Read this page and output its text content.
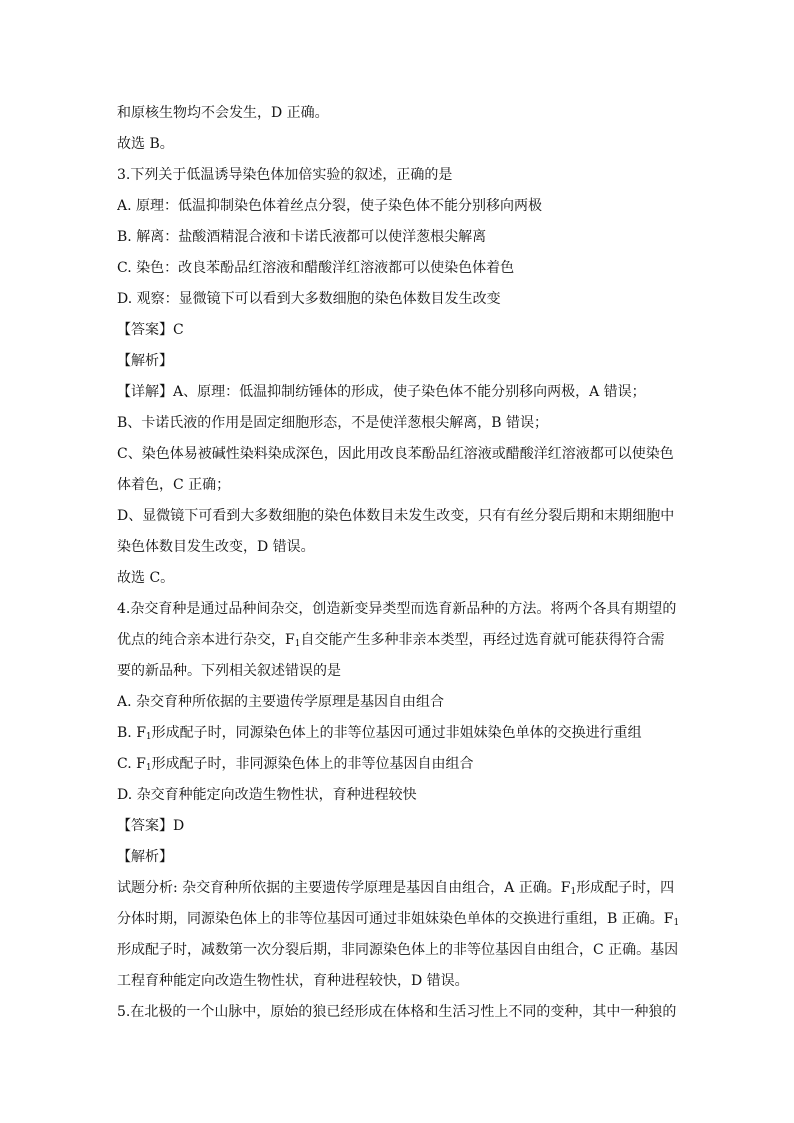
和原核生物均不会发生，D 正确。
故选 B。
3.下列关于低温诱导染色体加倍实验的叙述，正确的是
A. 原理：低温抑制染色体着丝点分裂，使子染色体不能分别移向两极
B. 解离：盐酸酒精混合液和卡诺氏液都可以使洋葱根尖解离
C. 染色：改良苯酚品红溶液和醋酸洋红溶液都可以使染色体着色
D. 观察：显微镜下可以看到大多数细胞的染色体数目发生改变
【答案】C
【解析】
【详解】A、原理：低温抑制纺锤体的形成，使子染色体不能分别移向两极，A 错误；
B、卡诺氏液的作用是固定细胞形态，不是使洋葱根尖解离，B 错误；
C、染色体易被碱性染料染成深色，因此用改良苯酚品红溶液或醋酸洋红溶液都可以使染色
体着色，C 正确；
D、显微镜下可看到大多数细胞的染色体数目未发生改变，只有有丝分裂后期和末期细胞中
染色体数目发生改变，D 错误。
故选 C。
4.杂交育种是通过品种间杂交，创造新变异类型而选育新品种的方法。将两个各具有期望的
优点的纯合亲本进行杂交，$F_1$自交能产生多种非亲本类型，再经过选育就可能获得符合需
要的新品种。下列相关叙述错误的是
A. 杂交育种所依据的主要遗传学原理是基因自由组合
B. $F_1$形成配子时，同源染色体上的非等位基因可通过非姐妹染色单体的交换进行重组
C. $F_1$形成配子时，非同源染色体上的非等位基因自由组合
D. 杂交育种能定向改造生物性状，育种进程较快
【答案】D
【解析】
试题分析: 杂交育种所依据的主要遗传学原理是基因自由组合，A 正确。$F_1$形成配子时，四
分体时期，同源染色体上的非等位基因可通过非姐妹染色单体的交换进行重组，B 正确。$F_1$
形成配子时，减数第一次分裂后期，非同源染色体上的非等位基因自由组合，C 正确。基因
工程育种能定向改造生物性状，育种进程较快，D 错误。
5.在北极的一个山脉中，原始的狼已经形成在体格和生活习性上不同的变种，其中一种狼的
